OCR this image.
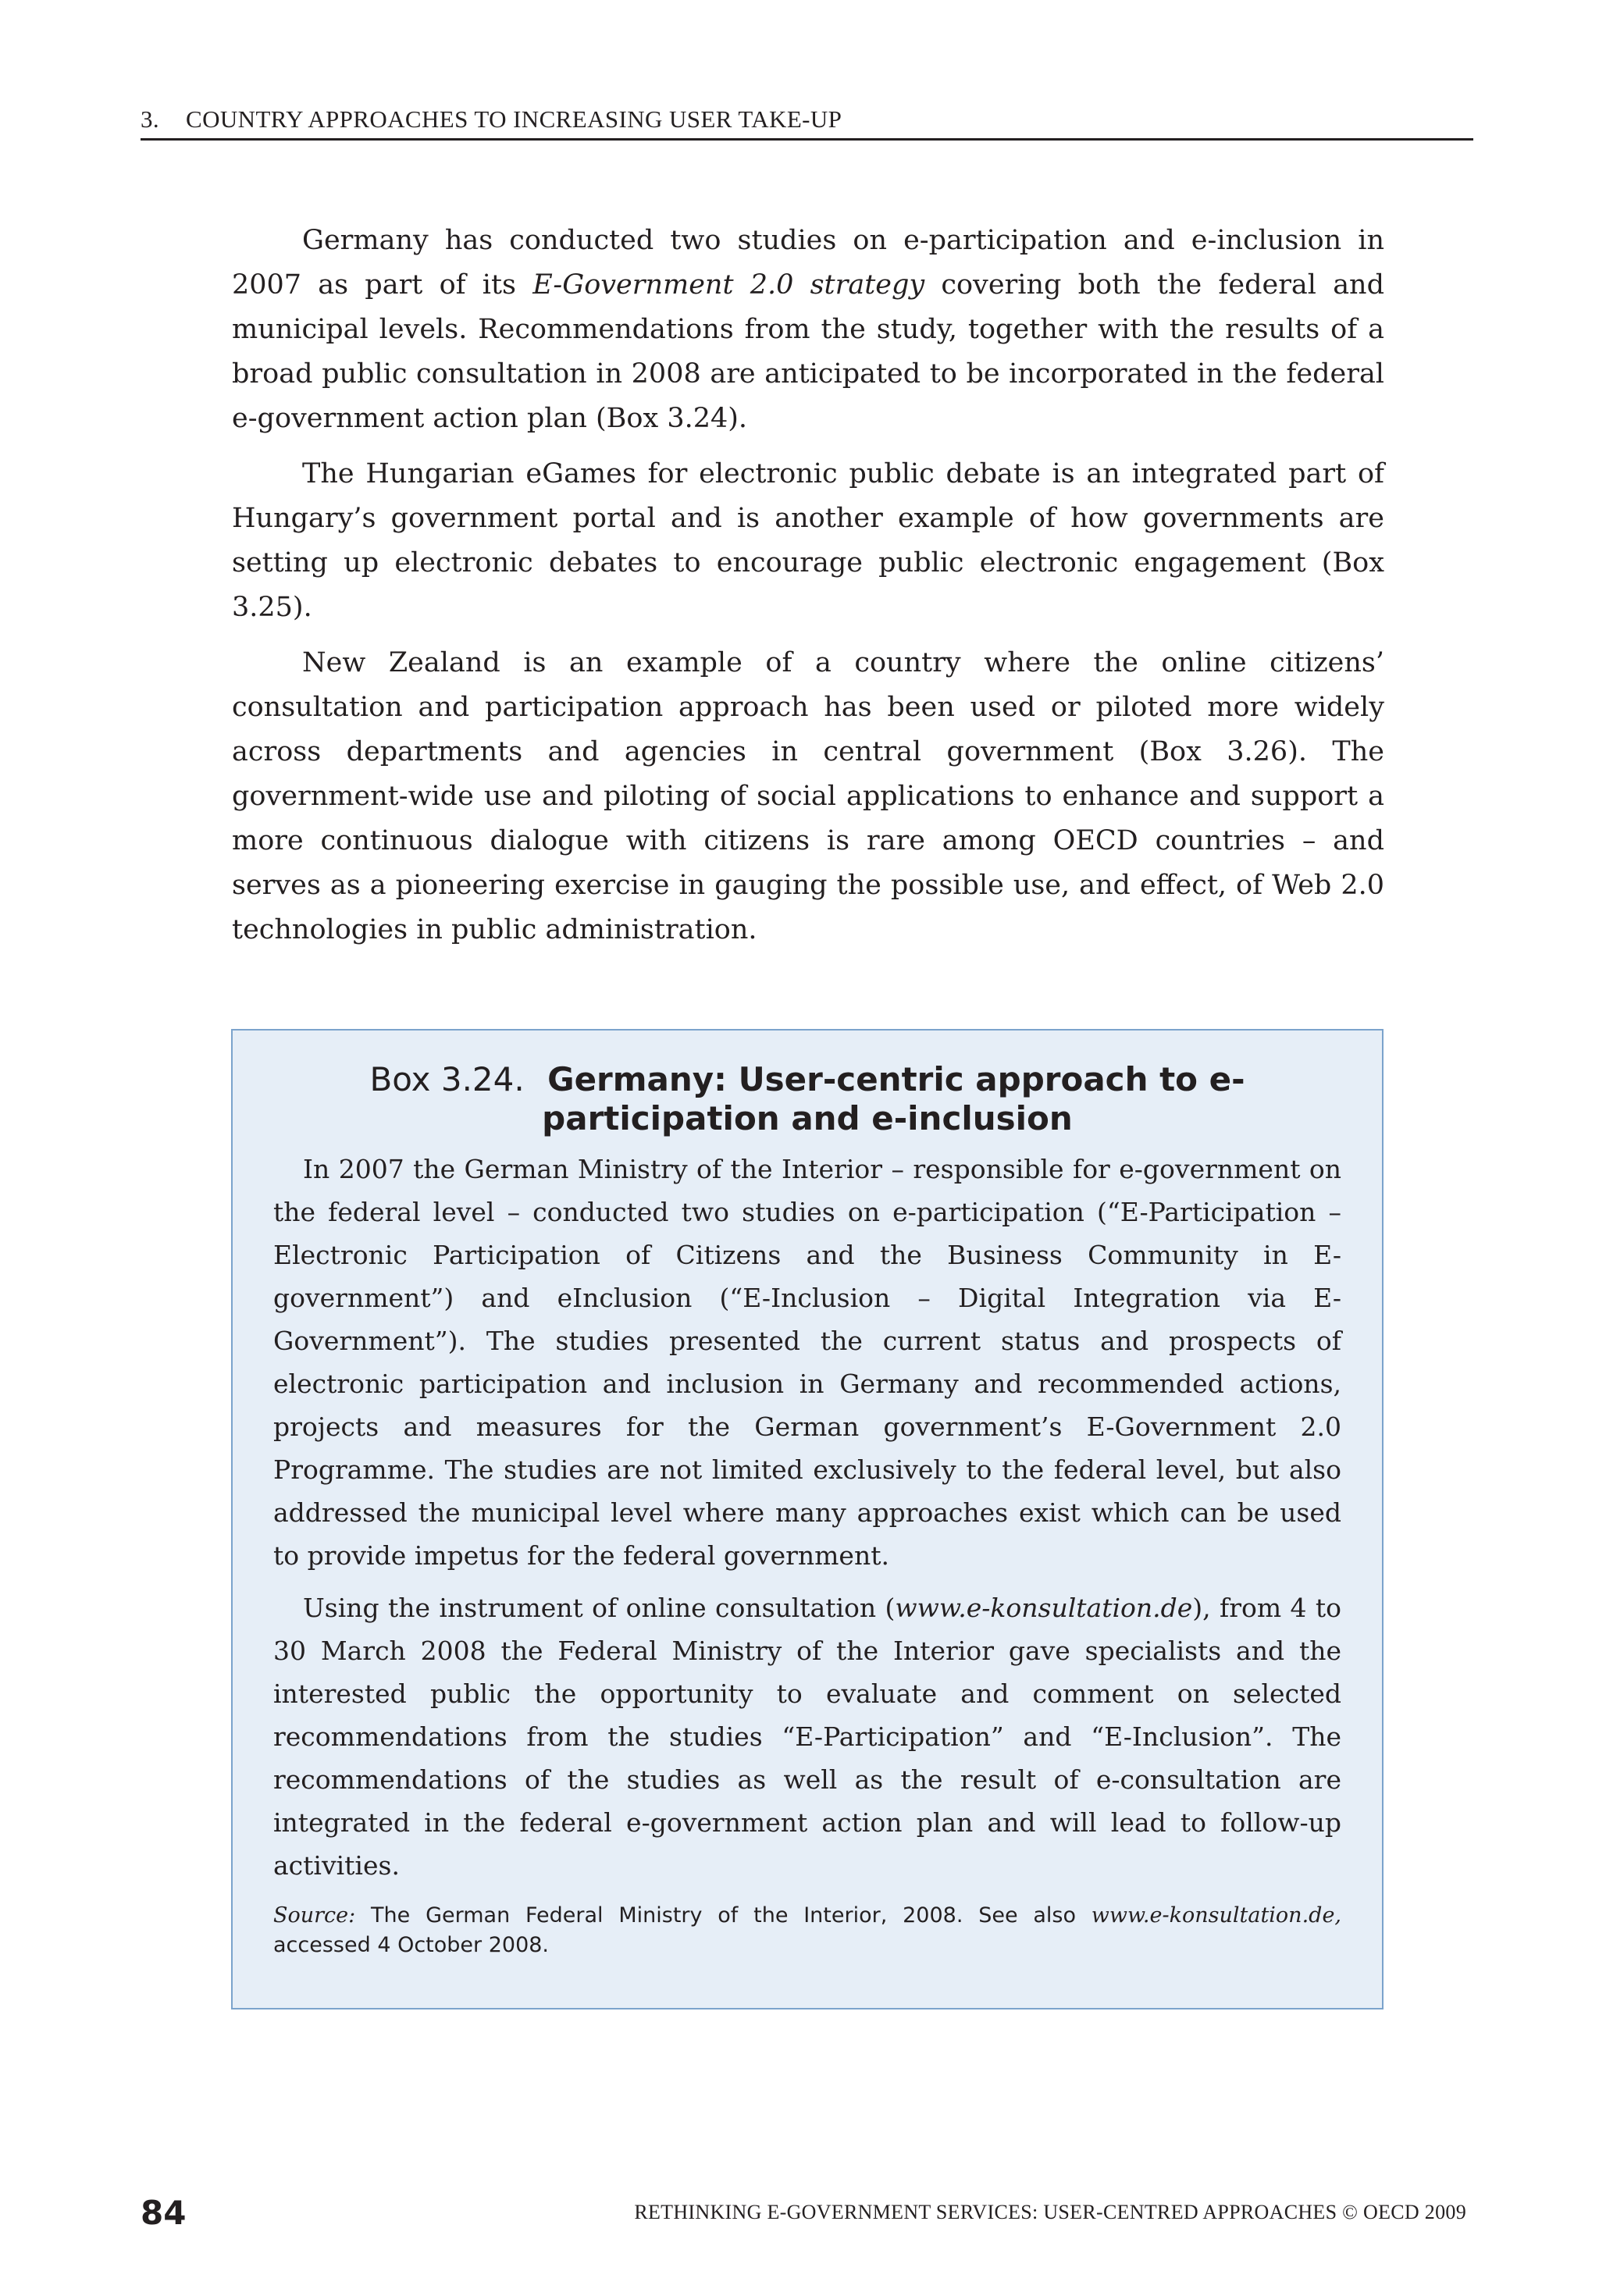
3. COUNTRY APPROACHES TO INCREASING USER TAKE-UP

Germany has conducted two studies on e-participation and e-inclusion in 2007 as part of its E-Government 2.0 strategy covering both the federal and municipal levels. Recommendations from the study, together with the results of a broad public consultation in 2008 are anticipated to be incorporated in the federal e-government action plan (Box 3.24).

The Hungarian eGames for electronic public debate is an integrated part of Hungary’s government portal and is another example of how governments are setting up electronic debates to encourage public electronic engagement (Box 3.25).

New Zealand is an example of a country where the online citizens’ consultation and participation approach has been used or piloted more widely across departments and agencies in central government (Box 3.26). The government-wide use and piloting of social applications to enhance and support a more continuous dialogue with citizens is rare among OECD countries – and serves as a pioneering exercise in gauging the possible use, and effect, of Web 2.0 technologies in public administration.

Box 3.24. Germany: User-centric approach to e-participation and e-inclusion

In 2007 the German Ministry of the Interior – responsible for e-government on the federal level – conducted two studies on e-participation (“E-Participation – Electronic Participation of Citizens and the Business Community in E-government”) and eInclusion (“E-Inclusion – Digital Integration via E-Government”). The studies presented the current status and prospects of electronic participation and inclusion in Germany and recommended actions, projects and measures for the German government’s E-Government 2.0 Programme. The studies are not limited exclusively to the federal level, but also addressed the municipal level where many approaches exist which can be used to provide impetus for the federal government.

Using the instrument of online consultation (www.e-konsultation.de), from 4 to 30 March 2008 the Federal Ministry of the Interior gave specialists and the interested public the opportunity to evaluate and comment on selected recommendations from the studies “E-Participation” and “E-Inclusion”. The recommendations of the studies as well as the result of e-consultation are integrated in the federal e-government action plan and will lead to follow-up activities.

Source: The German Federal Ministry of the Interior, 2008. See also www.e-konsultation.de, accessed 4 October 2008.

84	RETHINKING E-GOVERNMENT SERVICES: USER-CENTRED APPROACHES © OECD 2009
